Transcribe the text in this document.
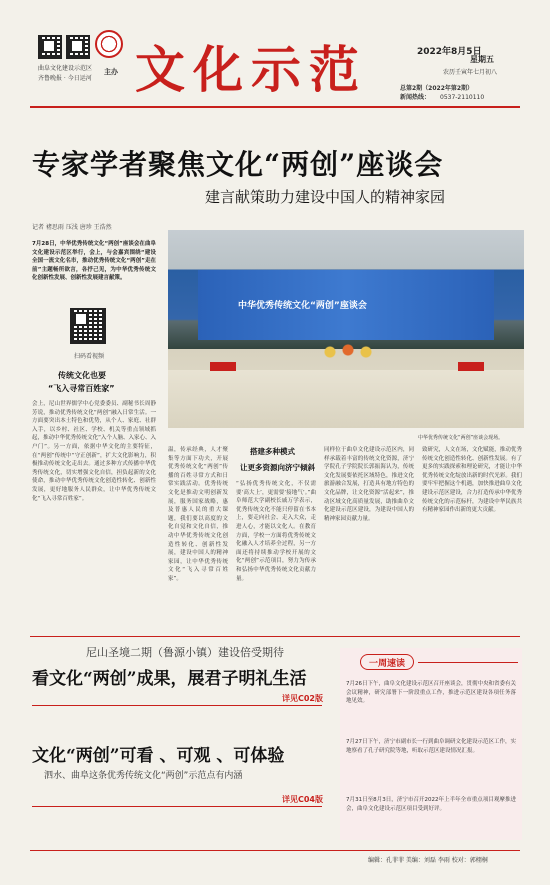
曲阜文化建设示范区
齐鲁晚报 · 今日运河
主办 文化示范	2022年8月5日
星期五
农历壬寅年七月初八
总第2期（2022年第2期）
新闻热线： 0537-2110110
专家学者聚焦文化“两创”座谈会
建言献策助力建设中国人的精神家园
记者 褚思雨 压浅 唐珍 王浩然
7月28日，中华优秀传统文化“两创”座谈会在曲阜文化建设示范区举行，会上，与会嘉宾围绕“建设全国一流文化名市，推动优秀传统文化“两创”走在前”主题畅所欲言，各抒己见，为中华优秀传统文化创新性发展、创新性发展建言献策。
扫码看视频
传统文化也要
“飞入寻常百姓家”
会上，尼山世界儒学中心党委委员、副秘书长周静芳说，推动优秀传统文化“两创”融入日常生活。一方面要突出本土特色和优势，从个人、家庭、社群入手，以乡村、社区、学校、机关等重点领域抓起，推动中华优秀传统文化“入个人脑、入家心、入户门”。另一方面，依据中华文化的主要特征，在“两创”传统中“守正创新”，扩大文化影响力，积极推动传统文化走出去。通过多种方式传播中华优秀传统文化，切实增强文化自信，担负起新的文化使命，推动中华优秀传统文化创造性转化、创新性发展，更好地服务人民群众，让中华优秀传统文化“飞入寻常百姓家”。
中华优秀传统文化“两创”座谈会
中华优秀传统文化“两创”座谈会现场。
温，传承经典，人才聚集等方面下功夫，开展优秀传统文化“两创”传播的百姓寻常方式和日常实践活动。优秀传统文化是推动文明创新发展，服务国家战略，惠及普惠人民的重大课题，我们要以高度的文化自觉和文化自信，推动中华优秀传统文化创造性转化、创新性发展，建设中国人的精神家园，让中华优秀传统文化“飞入寻常百姓家”。
搭建多种模式
让更多资源向济宁倾斜
“弘扬优秀传统文化，不仅需要‘高大上’，更需要‘接地气’。”曲阜师范大学副校长戚万学表示，优秀传统文化不能只停留在书本上，要走向社会、走入大众，走进人心，才能以文化人。在教育方面，学校一方面将优秀传统文化融入人才培养全过程，另一方面还将持续推动学校开展的文化“两创”示范项目，努力为传承和弘扬中华优秀传统文化贡献力量。
同样位于曲阜文化建设示范区内，同样承载着丰富的传统文化资源，济宁学院孔子学院院长郭振海认为，传统文化发展要依托区域特色，推进文化旅游融合发展，打造具有地方特色的文化品牌，让文化资源“活起来”，推动区域文化高质量发展，助推曲阜文化建设示范区建设，为建设中国人的精神家园贡献力量。
致研究，人文在场，文化赋能，推动优秀传统文化创造性转化、创新性发展。有了更多的实践探索和理论研究，才能让中华优秀传统文化绽放出新的时代光彩。我们要牢牢把握这个机遇，加快推进曲阜文化建设示范区建设，合力打造传承中华优秀传统文化的示范标杆，为建设中华民族共有精神家园作出新的更大贡献。
尼山圣境二期（鲁源小镇）建设倍受期待
看文化“两创”成果，展君子明礼生活
详见C02版
文化“两创”可看 、可观 、可体验
泗水、曲阜这条优秀传统文化“两创”示范点有内涵
详见C04版
一周速读
7月26日下午，曲阜文化建设示范区召开座谈会，贯彻中央和省委有关会议精神，研究部署下一阶段重点工作，推进示范区建设各项任务落地见效。
7月27日下午，济宁市副市长一行到曲阜调研文化建设示范区工作，实地察看了孔子研究院等地，听取示范区建设情况汇报。
7月31日至8月3日，济宁市召开2022年上半年全市重点项目观摩推进会，曲阜文化建设示范区项目受到好评。
编辑：孔菲菲 美编：刘磊 李雨 校对：郭栩桐
